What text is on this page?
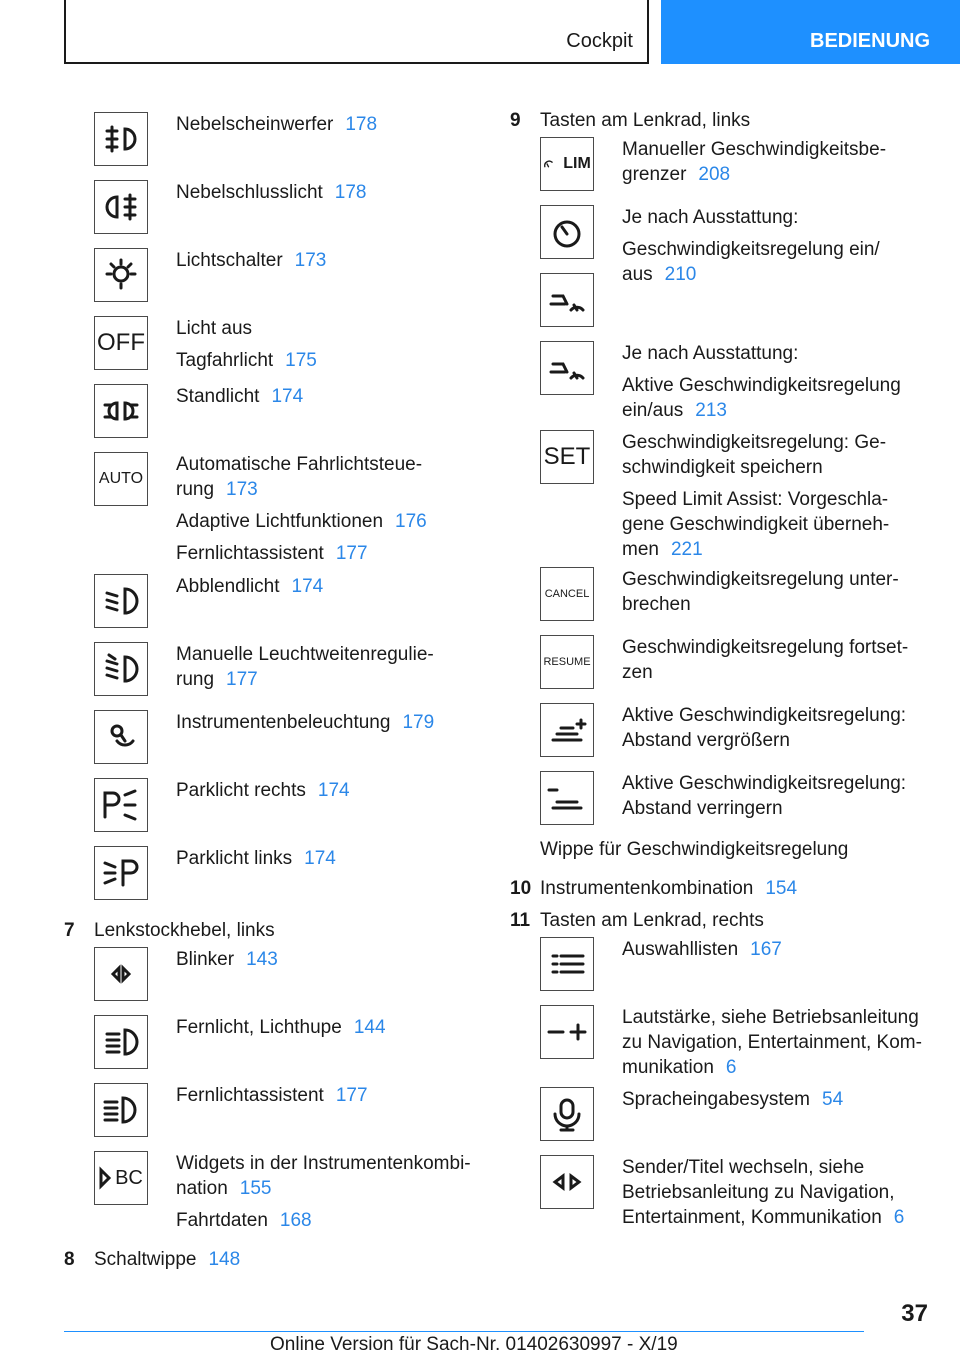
Cockpit	BEDIENUNG

Nebelscheinwerfer 178

Nebelschlusslicht 178

Lichtschalter 173

OFF

Licht aus

Tagfahrlicht 175

Standlicht 174

AUTO

Automatische Fahrlichtsteue-
rung 173

Adaptive Lichtfunktionen 176

Fernlichtassistent 177

Abblendlicht 174

Manuelle Leuchtweitenregulie-
rung 177

Instrumentenbeleuchtung 179

Parklicht rechts 174

Parklicht links 174

7	Lenkstockhebel, links

Blinker 143

Fernlicht, Lichthupe 144

Fernlichtassistent 177

BC

Widgets in der Instrumentenkombi-
nation 155

Fahrtdaten 168

8	Schaltwippe 148
9	Tasten am Lenkrad, links
LIM

Manueller Geschwindigkeitsbe-
grenzer 208

Je nach Ausstattung:

Geschwindigkeitsregelung ein/
aus 210

Je nach Ausstattung:

Aktive Geschwindigkeitsregelung
ein/aus 213

SET

Geschwindigkeitsregelung: Ge-
schwindigkeit speichern

Speed Limit Assist: Vorgeschla-
gene Geschwindigkeit überneh-
men 221

CANCEL

Geschwindigkeitsregelung unter-
brechen

RESUME

Geschwindigkeitsregelung fortset-
zen

Aktive Geschwindigkeitsregelung:
Abstand vergrößern

Aktive Geschwindigkeitsregelung:
Abstand verringern

Wippe für Geschwindigkeitsregelung
10 Instrumentenkombination 154
11 Tasten am Lenkrad, rechts

Auswahllisten 167

Lautstärke, siehe Betriebsanleitung
zu Navigation, Entertainment, Kom-
munikation 6

Spracheingabesystem 54

Sender/Titel wechseln, siehe
Betriebsanleitung zu Navigation,
Entertainment, Kommunikation 6

37
Online Version für Sach-Nr. 01402630997 - X/19
